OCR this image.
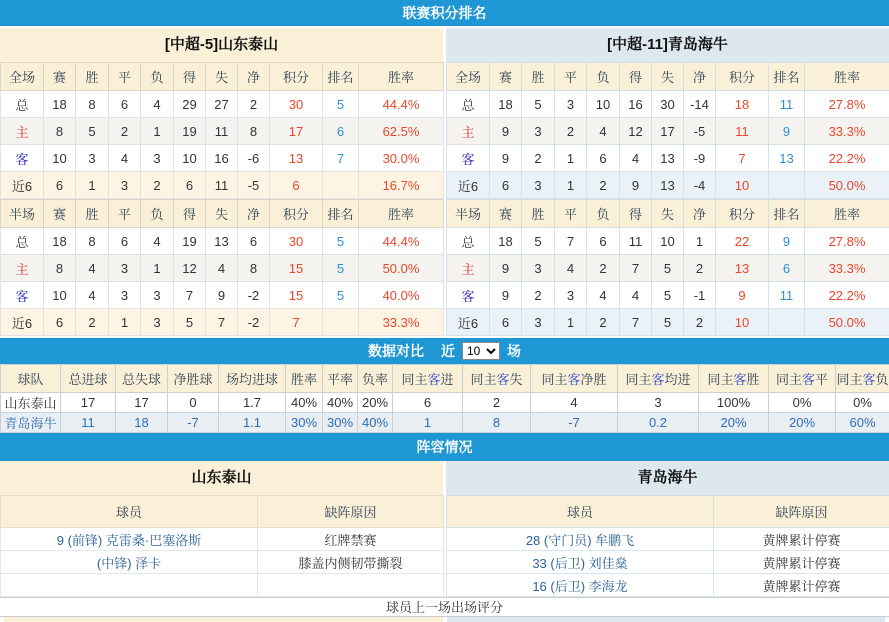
联赛积分排名
[中超-5]山东泰山
全场	赛	胜	平	负	得	失	净	积分	排名	胜率
总	18	8	6	4	29	27	2	30	5	44.4%
主	8	5	2	1	19	11	8	17	6	62.5%
客	10	3	4	3	10	16	-6	13	7	30.0%
近6	6	1	3	2	6	11	-5	6		16.7%
半场	赛	胜	平	负	得	失	净	积分	排名	胜率
总	18	8	6	4	19	13	6	30	5	44.4%
主	8	4	3	1	12	4	8	15	5	50.0%
客	10	4	3	3	7	9	-2	15	5	40.0%
近6	6	2	1	3	5	7	-2	7		33.3%
[中超-11]青岛海牛
全场	赛	胜	平	负	得	失	净	积分	排名	胜率
总	18	5	3	10	16	30	-14	18	11	27.8%
主	9	3	2	4	12	17	-5	11	9	33.3%
客	9	2	1	6	4	13	-9	7	13	22.2%
近6	6	3	1	2	9	13	-4	10		50.0%
半场	赛	胜	平	负	得	失	净	积分	排名	胜率
总	18	5	7	6	11	10	1	22	9	27.8%
主	9	3	4	2	7	5	2	13	6	33.3%
客	9	2	3	4	4	5	-1	9	11	22.2%
近6	6	3	1	2	7	5	2	10		50.0%
数据对比 近
10	场
球队	总进球	总失球	净胜球	场均进球	胜率	平率	负率	同主客进	同主客失	同主客净胜	同主客均进	同主客胜	同主客平	同主客负
山东泰山	17	17	0	1.7	40%	40%	20%	6	2	4	3	100%	0%	0%
青岛海牛	11	18	-7	1.1	30%	30%	40%	1	8	-7	0.2	20%	20%	60%
阵容情况
山东泰山
球员	缺阵原因
9 (前锋) 克雷桑·巴塞洛斯	红牌禁赛
(中锋) 泽卡	膝盖内侧韧带撕裂

青岛海牛
球员	缺阵原因
28 (守门员) 牟鹏飞	黄牌累计停赛
33 (后卫) 刘佳燊	黄牌累计停赛
16 (后卫) 李海龙	黄牌累计停赛
球员上一场出场评分
